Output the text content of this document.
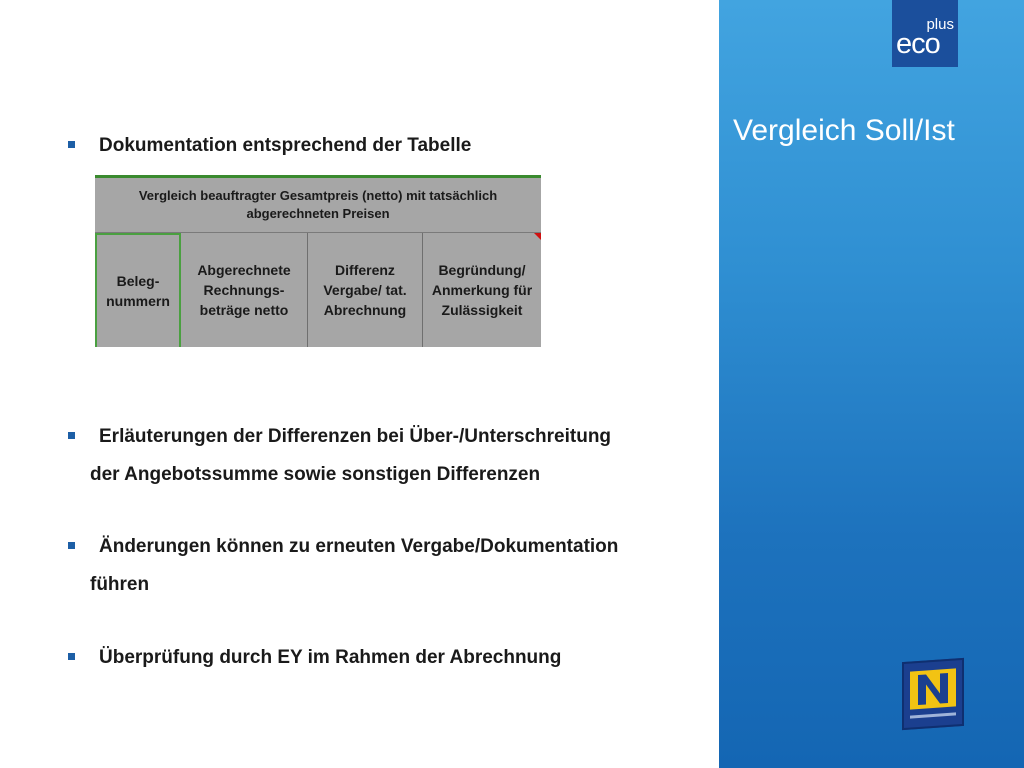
Dokumentation entsprechend der Tabelle
Vergleich beauftragter Gesamtpreis (netto) mit tatsächlich abgerechneten Preisen
Beleg-
nummern
Abgerechnete
Rechnungs-
beträge netto
Differenz
Vergabe/ tat.
Abrechnung
Begründung/
Anmerkung für
Zulässigkeit
Erläuterungen der Differenzen bei Über-/Unterschreitung
der Angebotssumme sowie sonstigen Differenzen
Änderungen können zu erneuten Vergabe/Dokumentation
führen
Überprüfung durch EY im Rahmen der Abrechnung
plus
eco
Vergleich Soll/Ist
